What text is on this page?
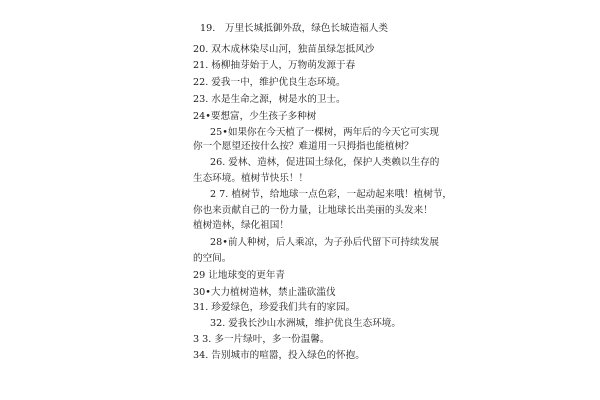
19.　万里长城抵御外敌，绿色长城造福人类
20. 双木成林染尽山河，独苗虽绿怎抵风沙
21. 杨柳抽芽始于人，万物萌发源于春
22. 爱我一中，维护优良生态环境。
23. 水是生命之源，树是水的卫士。
24•要想富，少生孩子多种树
25•如果你在今天植了一棵树，两年后的今天它可实现
你一个愿望还按什么按？难道用一只拇指也能植树？
26. 爱林、造林，促进国土绿化，保护人类赖以生存的
生态环境。植树节快乐！！
2 7. 植树节，给地球一点色彩，一起动起来哦！植树节，
你也来贡献自己的一份力量，让地球长出美丽的头发来！
植树造林，绿化祖国！
28•前人种树，后人乘凉，为子孙后代留下可持续发展
的空间。
29 让地球变的更年青
30•大力植树造林，禁止滥砍滥伐
31. 珍爱绿色，珍爱我们共有的家园。
32. 爱我长沙山水洲城，维护优良生态环境。
3 3. 多一片绿叶，多一份温馨。
34. 告别城市的喧嚣，投入绿色的怀抱。
